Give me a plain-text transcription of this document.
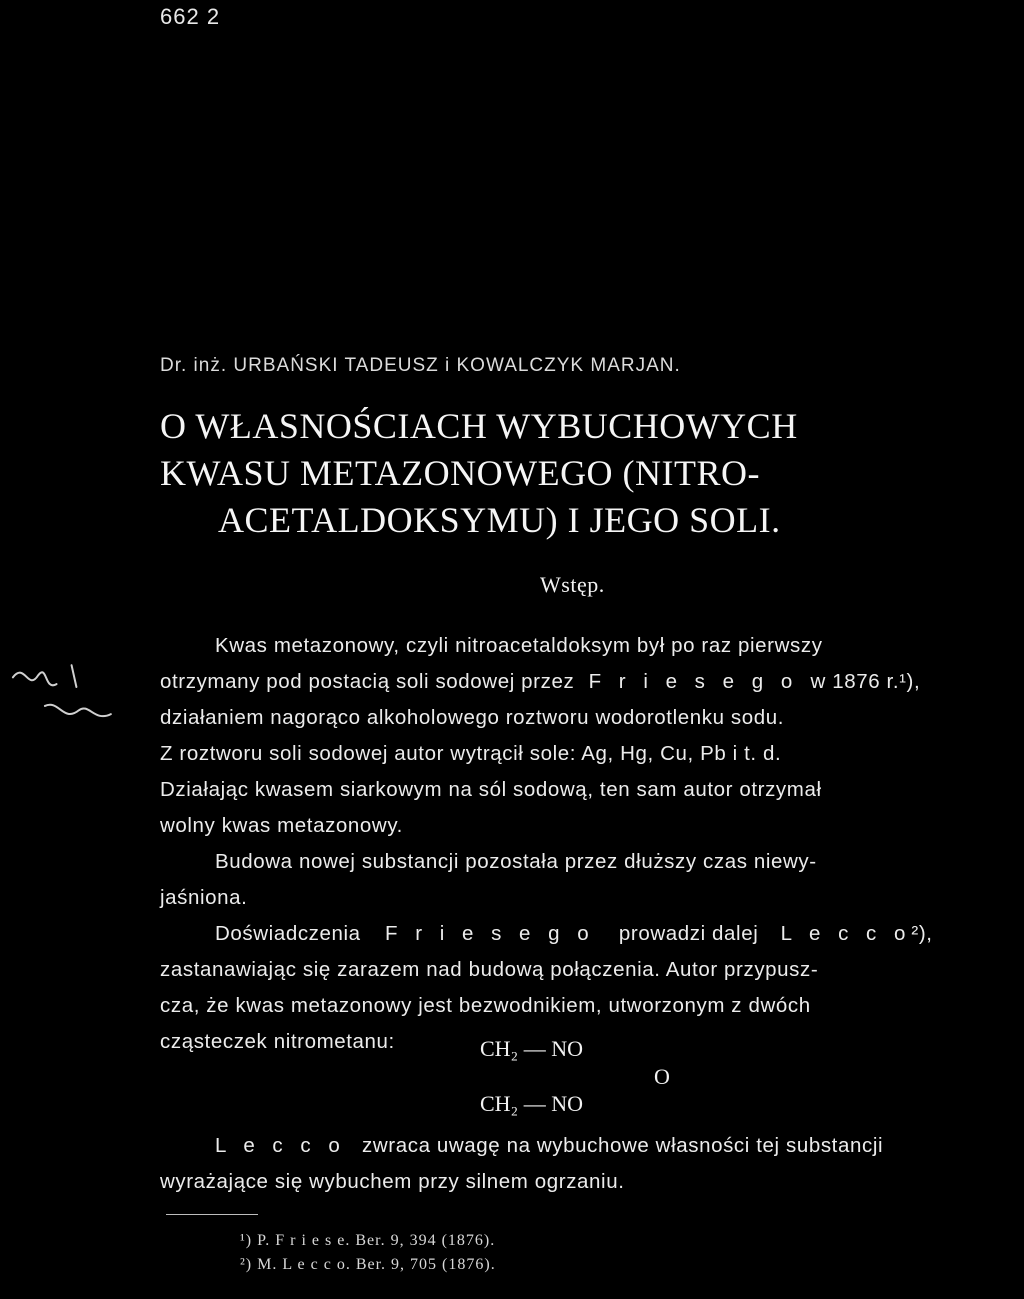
662 2
Dr. inż. URBAŃSKI TADEUSZ i KOWALCZYK MARJAN.
O WŁASNOŚCIACH WYBUCHOWYCH
KWASU METAZONOWEGO (NITRO-
ACETALDOKSYMU) I JEGO SOLI.
Wstęp.
Kwas metazonowy, czyli nitroacetaldoksym był po raz pierwszy
otrzymany pod postacią soli sodowej przez F r i e s e g o w 1876 r.¹),
działaniem nagorąco alkoholowego roztworu wodorotlenku sodu.
Z roztworu soli sodowej autor wytrącił sole: Ag, Hg, Cu, Pb i t. d.
Działając kwasem siarkowym na sól sodową, ten sam autor otrzymał
wolny kwas metazonowy.
Budowa nowej substancji pozostała przez dłuższy czas niewy-
jaśniona.
Doświadczenia F r i e s e g o prowadzi dalej L e c c o²),
zastanawiając się zarazem nad budową połączenia. Autor przypusz-
cza, że kwas metazonowy jest bezwodnikiem, utworzonym z dwóch
cząsteczek nitrometanu:	CH₂ — NO
O
CH₂ — NO
L e c c o zwraca uwagę na wybuchowe własności tej substancji
wyrażające się wybuchem przy silnem ogrzaniu.
¹) P. F r i e s e. Ber. 9, 394 (1876).
²) M. L e c c o. Ber. 9, 705 (1876).
